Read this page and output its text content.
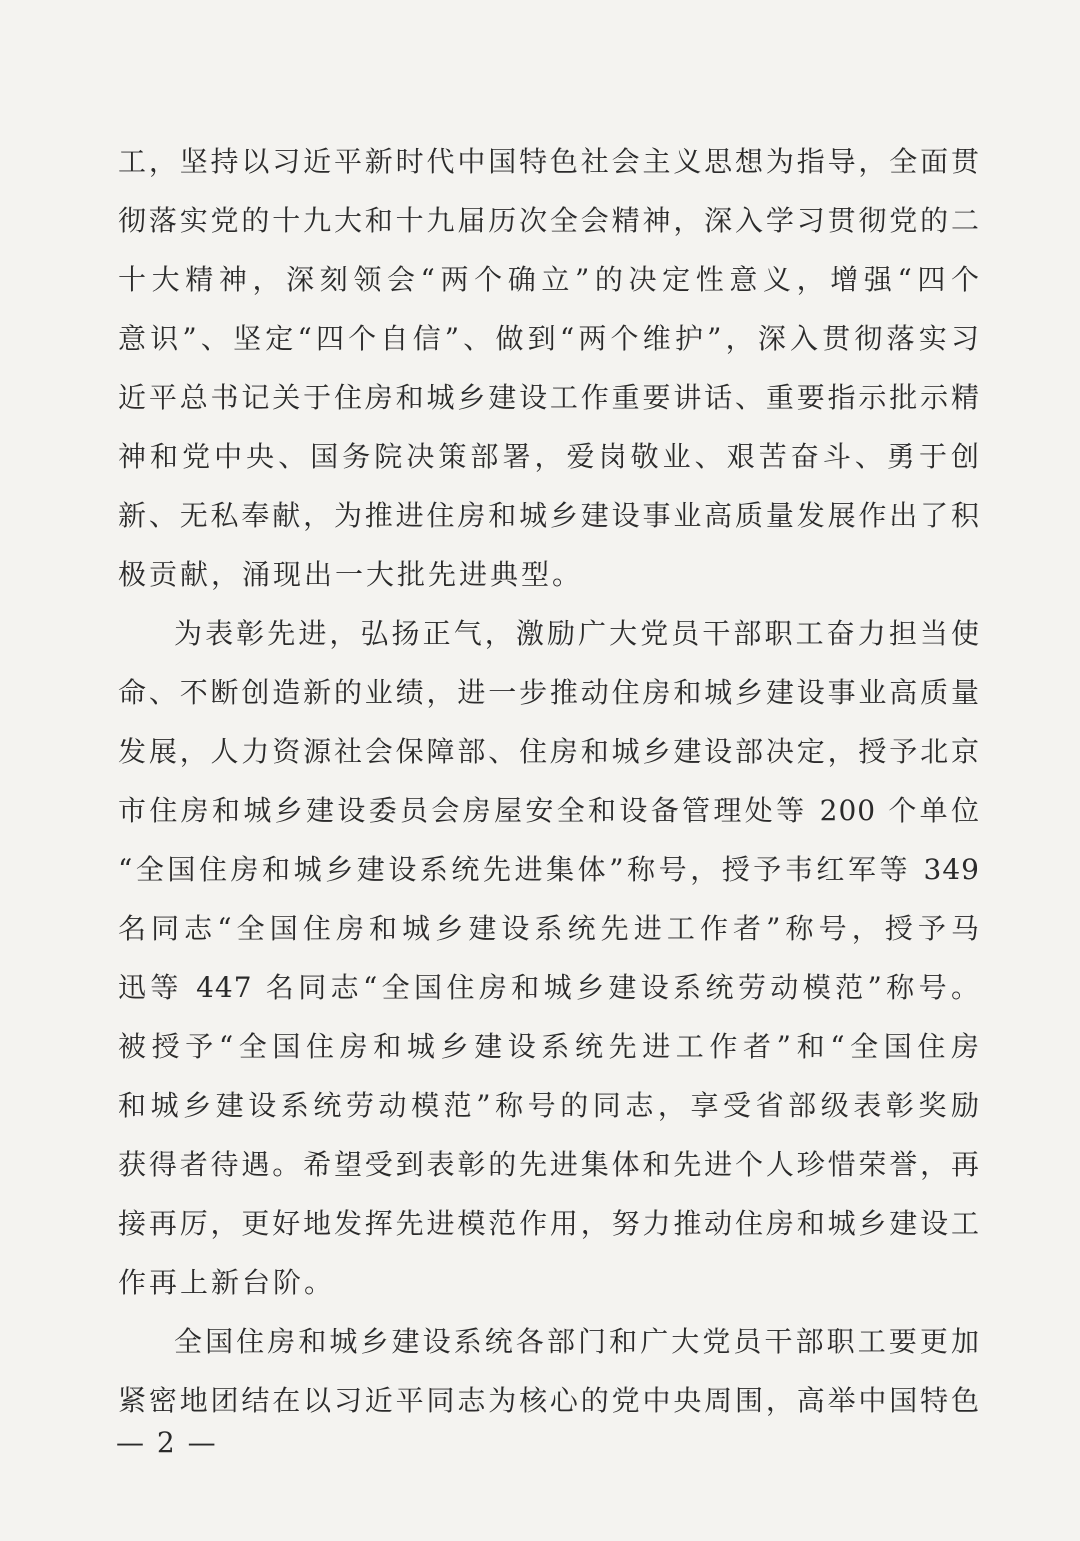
工，坚持以习近平新时代中国特色社会主义思想为指导，全面贯
彻落实党的十九大和十九届历次全会精神，深入学习贯彻党的二
十大精神，深刻领会“两个确立”的决定性意义，增强“四个
意识”、坚定“四个自信”、做到“两个维护”，深入贯彻落实习
近平总书记关于住房和城乡建设工作重要讲话、重要指示批示精
神和党中央、国务院决策部署，爱岗敬业、艰苦奋斗、勇于创
新、无私奉献，为推进住房和城乡建设事业高质量发展作出了积
极贡献，涌现出一大批先进典型。
为表彰先进，弘扬正气，激励广大党员干部职工奋力担当使
命、不断创造新的业绩，进一步推动住房和城乡建设事业高质量
发展，人力资源社会保障部、住房和城乡建设部决定，授予北京
市住房和城乡建设委员会房屋安全和设备管理处等 200 个单位
“全国住房和城乡建设系统先进集体”称号，授予韦红军等 349
名同志“全国住房和城乡建设系统先进工作者”称号，授予马
迅等 447 名同志“全国住房和城乡建设系统劳动模范”称号。
被授予“全国住房和城乡建设系统先进工作者”和“全国住房
和城乡建设系统劳动模范”称号的同志，享受省部级表彰奖励
获得者待遇。希望受到表彰的先进集体和先进个人珍惜荣誉，再
接再厉，更好地发挥先进模范作用，努力推动住房和城乡建设工
作再上新台阶。
全国住房和城乡建设系统各部门和广大党员干部职工要更加
紧密地团结在以习近平同志为核心的党中央周围，高举中国特色
— 2 —
